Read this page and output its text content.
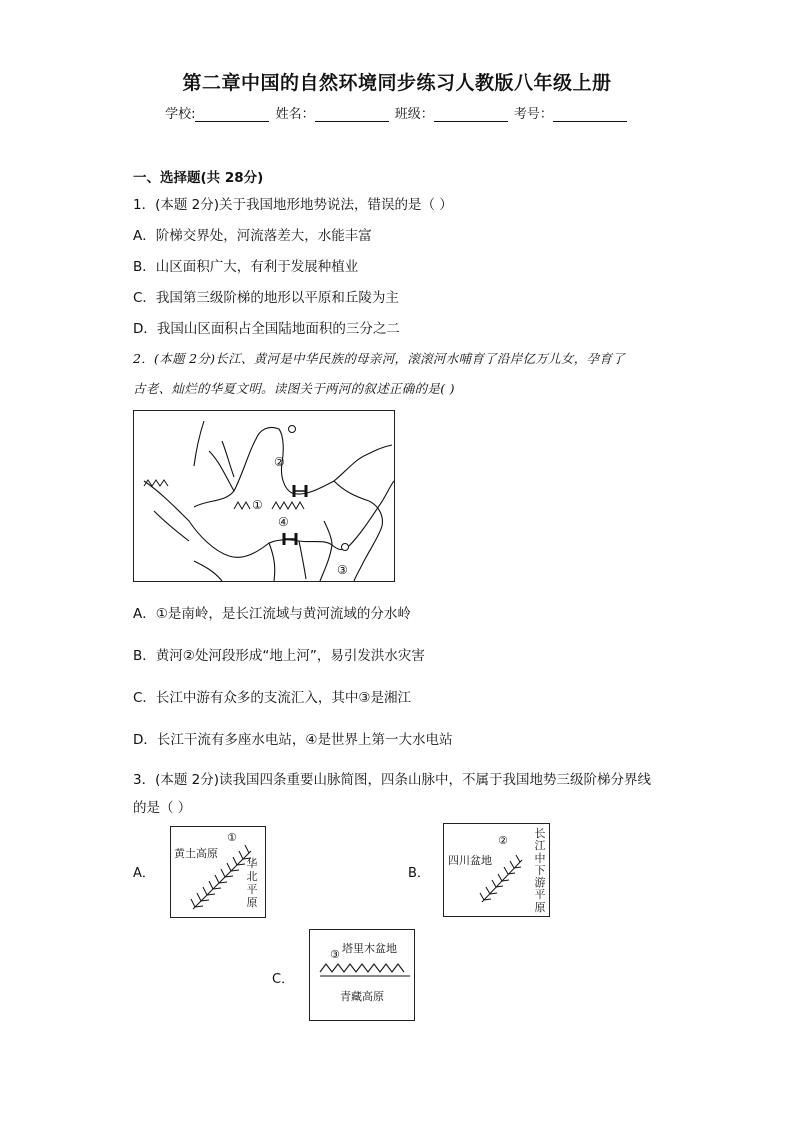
第二章中国的自然环境同步练习人教版八年级上册
学校:	姓名：	班级：	考号：
一、选择题(共 28分)
1．(本题 2分)关于我国地形地势说法，错误的是（ ）
A．阶梯交界处，河流落差大，水能丰富
B．山区面积广大，有利于发展种植业
C．我国第三级阶梯的地形以平原和丘陵为主
D．我国山区面积占全国陆地面积的三分之二
2．(本题 2分)长江、黄河是中华民族的母亲河，滚滚河水哺育了沿岸亿万儿女，孕育了
古老、灿烂的华夏文明。读图关于两河的叙述正确的是( )
②
①
④
③
A．①是南岭，是长江流域与黄河流域的分水岭
B．黄河②处河段形成“地上河”，易引发洪水灾害
C．长江中游有众多的支流汇入，其中③是湘江
D．长江干流有多座水电站，④是世界上第一大水电站
3．(本题 2分)读我国四条重要山脉简图，四条山脉中，不属于我国地势三级阶梯分界线
的是（ ）
A．
①
黄土高原
华
北
平
原
B．
②
四川盆地
长
江
中
下
游
平
原
C．
③ 塔里木盆地
青藏高原
